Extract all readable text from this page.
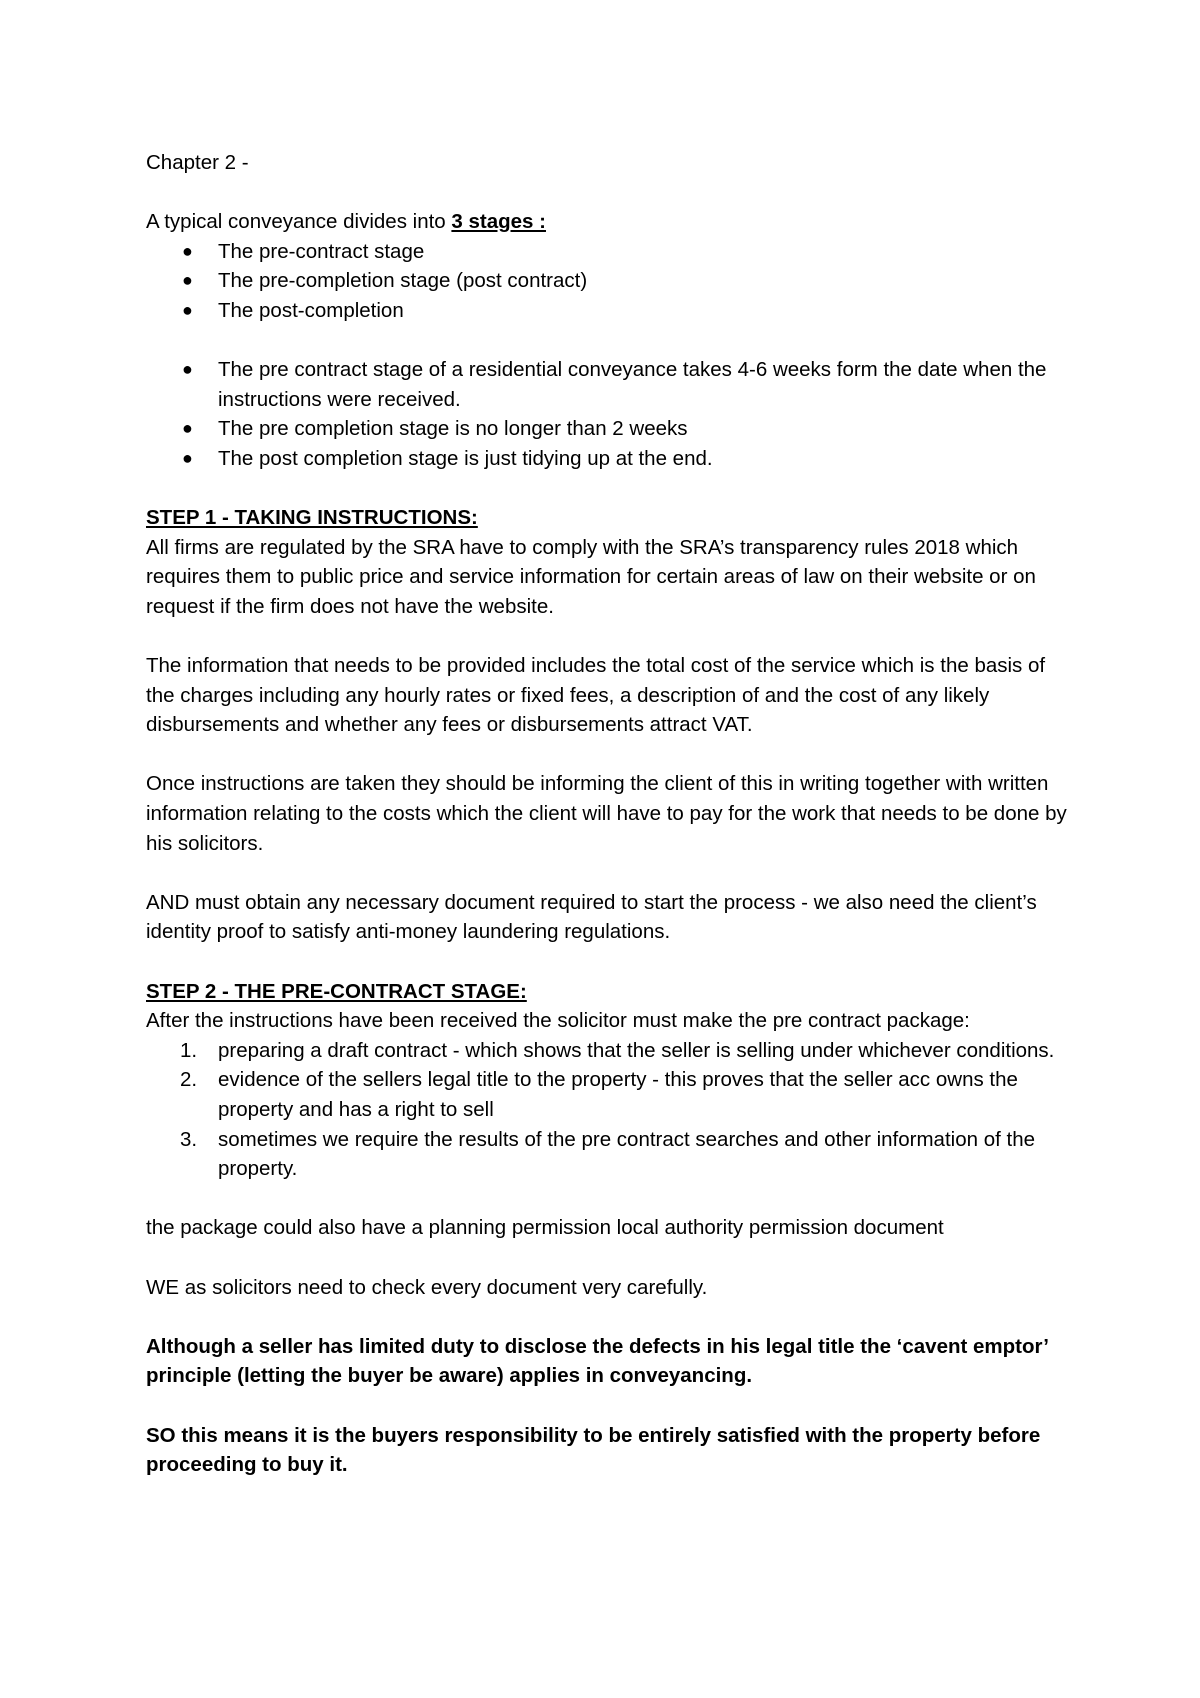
Chapter 2 -

A typical conveyance divides into 3 stages :

●	The pre-contract stage
●	The pre-completion stage (post contract)
●	The post-completion
●	The pre contract stage of a residential conveyance takes 4-6 weeks form the date when the instructions were received.
●	The pre completion stage is no longer than 2 weeks
●	The post completion stage is just tidying up at the end.

STEP 1 - TAKING INSTRUCTIONS:

All firms are regulated by the SRA have to comply with the SRA’s transparency rules 2018 which requires them to public price and service information for certain areas of law on their website or on request if the firm does not have the website.

The information that needs to be provided includes the total cost of the service which is the basis of the charges including any hourly rates or fixed fees, a description of and the cost of any likely disbursements and whether any fees or disbursements attract VAT.

Once instructions are taken they should be informing the client of this in writing together with written information relating to the costs which the client will have to pay for the work that needs to be done by his solicitors.

AND must obtain any necessary document required to start the process - we also need the client’s identity proof to satisfy anti-money laundering regulations.

STEP 2 - THE PRE-CONTRACT STAGE:

After the instructions have been received the solicitor must make the pre contract package:

1.	preparing a draft contract - which shows that the seller is selling under whichever conditions.
2.	evidence of the sellers legal title to the property - this proves that the seller acc owns the property and has a right to sell
3.	sometimes we require the results of the pre contract searches and other information of the property.

the package could also have a planning permission local authority permission document

WE as solicitors need to check every document very carefully.

Although a seller has limited duty to disclose the defects in his legal title the ‘cavent emptor’ principle (letting the buyer be aware) applies in conveyancing.

SO this means it is the buyers responsibility to be entirely satisfied with the property before proceeding to buy it.
